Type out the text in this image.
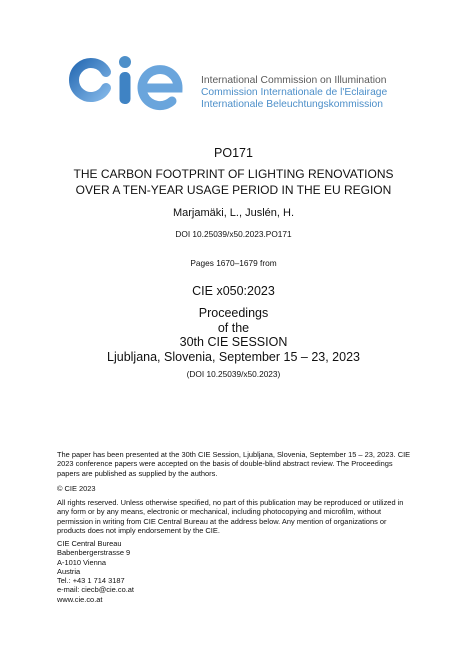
International Commission on Illumination
Commission Internationale de l'Eclairage
Internationale Beleuchtungskommission
PO171
THE CARBON FOOTPRINT OF LIGHTING RENOVATIONS
OVER A TEN-YEAR USAGE PERIOD IN THE EU REGION
Marjamäki, L., Juslén, H.
DOI 10.25039/x50.2023.PO171
Pages 1670–1679 from
CIE x050:2023
Proceedings
of the
30th CIE SESSION
Ljubljana, Slovenia, September 15 – 23, 2023
(DOI 10.25039/x50.2023)
The paper has been presented at the 30th CIE Session, Ljubljana, Slovenia, September 15 – 23, 2023. CIE 2023 conference papers were accepted on the basis of double-blind abstract review. The Proceedings papers are published as supplied by the authors.
© CIE 2023
All rights reserved. Unless otherwise specified, no part of this publication may be reproduced or utilized in any form or by any means, electronic or mechanical, including photocopying and microfilm, without permission in writing from CIE Central Bureau at the address below. Any mention of organizations or products does not imply endorsement by the CIE.
CIE Central Bureau
Babenbergerstrasse 9
A-1010 Vienna
Austria
Tel.: +43 1 714 3187
e-mail: ciecb@cie.co.at
www.cie.co.at
